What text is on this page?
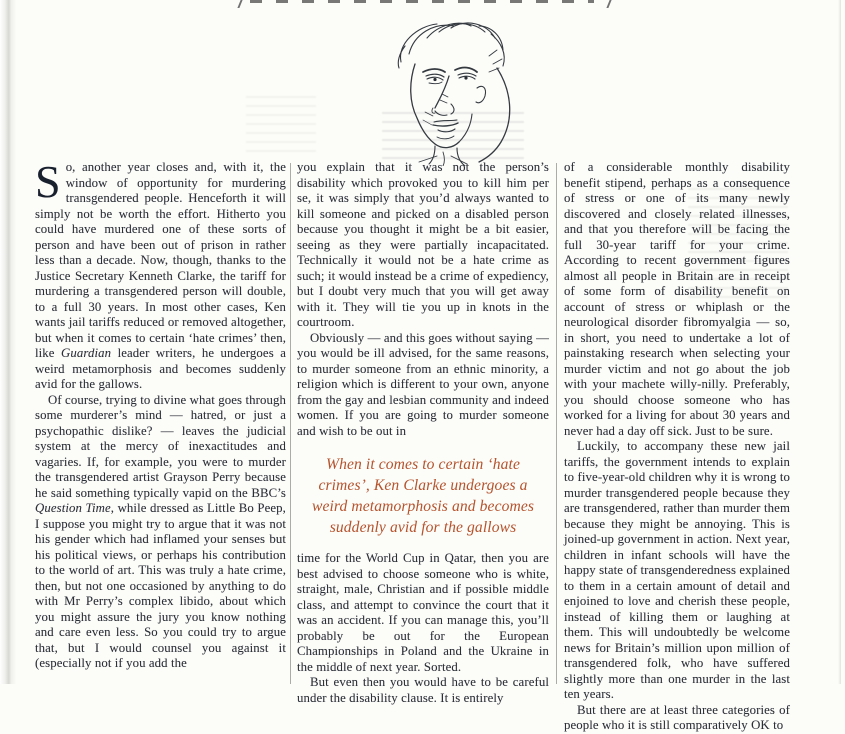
So, another year closes and, with it, the window of opportunity for murdering transgendered people. Henceforth it will simply not be worth the effort. Hitherto you could have murdered one of these sorts of person and have been out of prison in rather less than a decade. Now, though, thanks to the Justice Secretary Kenneth Clarke, the tariff for murdering a transgendered person will double, to a full 30 years. In most other cases, Ken wants jail tariffs reduced or removed altogether, but when it comes to certain ‘hate crimes’ then, like Guardian leader writers, he undergoes a weird metamorphosis and becomes suddenly avid for the gallows.

Of course, trying to divine what goes through some murderer’s mind — hatred, or just a psychopathic dislike? — leaves the judicial system at the mercy of inexactitudes and vagaries. If, for example, you were to murder the transgendered artist Grayson Perry because he said something typically vapid on the BBC’s Question Time, while dressed as Little Bo Peep, I suppose you might try to argue that it was not his gender which had inflamed your senses but his political views, or perhaps his contribution to the world of art. This was truly a hate crime, then, but not one occasioned by anything to do with Mr Perry’s complex libido, about which you might assure the jury you know nothing and care even less. So you could try to argue that, but I would counsel you against it (especially not if you add the

you explain that it was not the person’s disability which provoked you to kill him per se, it was simply that you’d always wanted to kill someone and picked on a disabled person because you thought it might be a bit easier, seeing as they were partially incapacitated. Technically it would not be a hate crime as such; it would instead be a crime of expediency, but I doubt very much that you will get away with it. They will tie you up in knots in the courtroom.

Obviously — and this goes without saying — you would be ill advised, for the same reasons, to murder someone from an ethnic minority, a religion which is different to your own, anyone from the gay and lesbian community and indeed women. If you are going to murder someone and wish to be out in

When it comes to certain ‘hate crimes’, Ken Clarke undergoes a weird metamorphosis and becomes suddenly avid for the gallows

time for the World Cup in Qatar, then you are best advised to choose someone who is white, straight, male, Christian and if possible middle class, and attempt to convince the court that it was an accident. If you can manage this, you’ll probably be out for the European Championships in Poland and the Ukraine in the middle of next year. Sorted.

But even then you would have to be careful under the disability clause. It is entirely

of a considerable monthly disability benefit stipend, perhaps as a consequence of stress or one of its many newly discovered and closely related illnesses, and that you therefore will be facing the full 30-year tariff for your crime. According to recent government figures almost all people in Britain are in receipt of some form of disability benefit on account of stress or whiplash or the neurological disorder fibromyalgia — so, in short, you need to undertake a lot of painstaking research when selecting your murder victim and not go about the job with your machete willy-nilly. Preferably, you should choose someone who has worked for a living for about 30 years and never had a day off sick. Just to be sure.

Luckily, to accompany these new jail tariffs, the government intends to explain to five-year-old children why it is wrong to murder transgendered people because they are transgendered, rather than murder them because they might be annoying. This is joined-up government in action. Next year, children in infant schools will have the happy state of transgenderedness explained to them in a certain amount of detail and enjoined to love and cherish these people, instead of killing them or laughing at them. This will undoubtedly be welcome news for Britain’s million upon million of transgendered folk, who have suffered slightly more than one murder in the last ten years.

But there are at least three categories of people who it is still comparatively OK to
